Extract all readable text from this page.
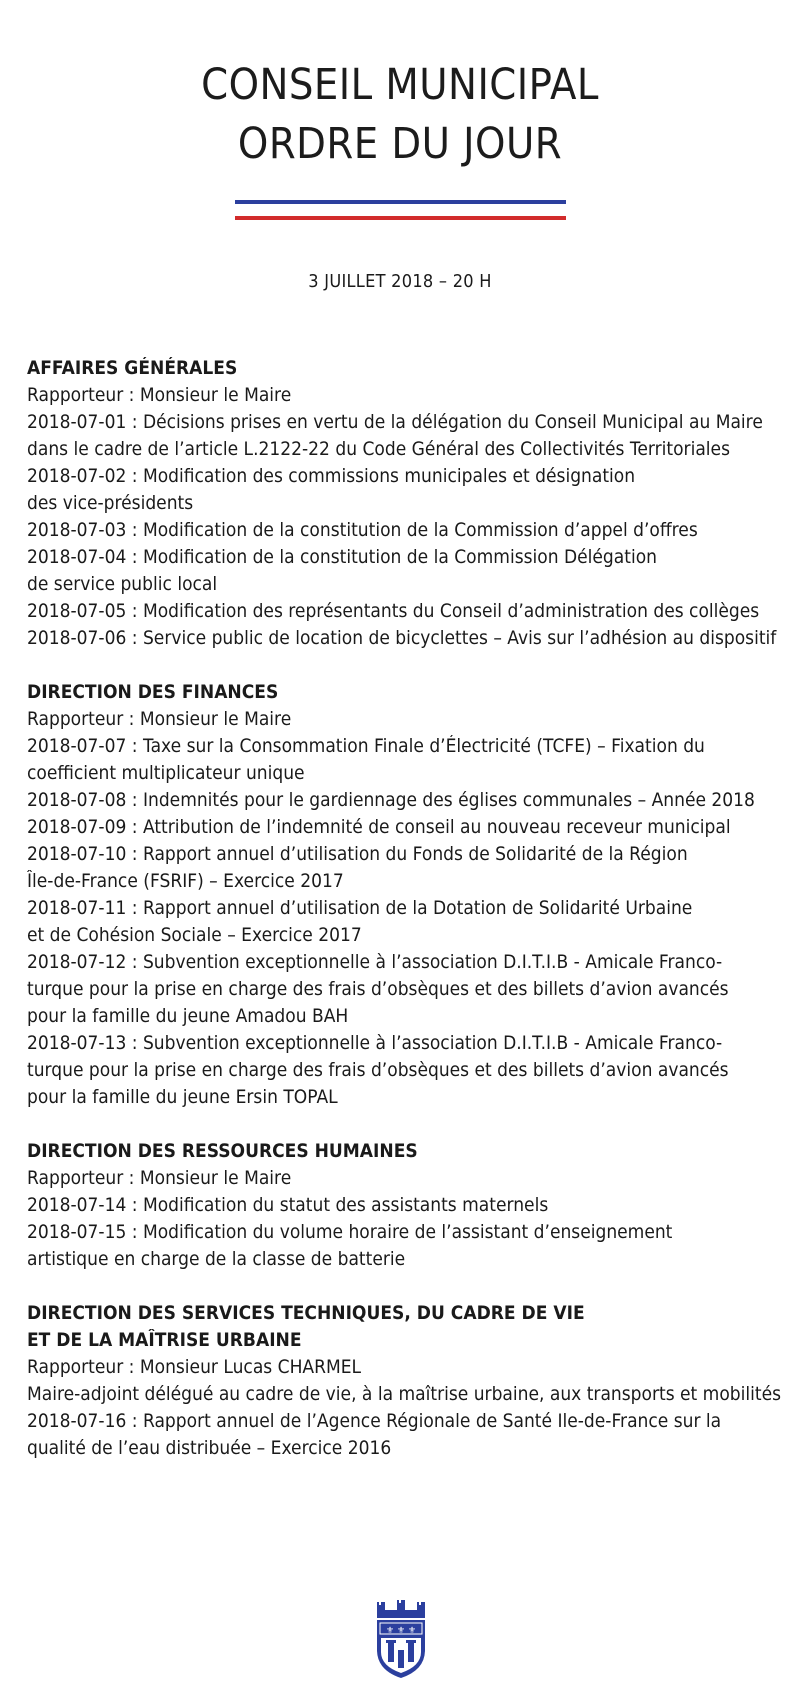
CONSEIL MUNICIPAL
ORDRE DU JOUR
3 JUILLET 2018 – 20 H
AFFAIRES GÉNÉRALES
Rapporteur : Monsieur le Maire
2018-07-01 : Décisions prises en vertu de la délégation du Conseil Municipal au Maire
dans le cadre de l’article L.2122-22 du Code Général des Collectivités Territoriales
2018-07-02 : Modification des commissions municipales et désignation
des vice-présidents
2018-07-03 : Modification de la constitution de la Commission d’appel d’offres
2018-07-04 : Modification de la constitution de la Commission Délégation
de service public local
2018-07-05 : Modification des représentants du Conseil d’administration des collèges
2018-07-06 : Service public de location de bicyclettes – Avis sur l’adhésion au dispositif
DIRECTION DES FINANCES
Rapporteur : Monsieur le Maire
2018-07-07 : Taxe sur la Consommation Finale d’Électricité (TCFE) – Fixation du
coefficient multiplicateur unique
2018-07-08 : Indemnités pour le gardiennage des églises communales – Année 2018
2018-07-09 : Attribution de l’indemnité de conseil au nouveau receveur municipal
2018-07-10 : Rapport annuel d’utilisation du Fonds de Solidarité de la Région
Île-de-France (FSRIF) – Exercice 2017
2018-07-11 : Rapport annuel d’utilisation de la Dotation de Solidarité Urbaine
et de Cohésion Sociale – Exercice 2017
2018-07-12 : Subvention exceptionnelle à l’association D.I.T.I.B - Amicale Franco-
turque pour la prise en charge des frais d’obsèques et des billets d’avion avancés
pour la famille du jeune Amadou BAH
2018-07-13 : Subvention exceptionnelle à l’association D.I.T.I.B - Amicale Franco-
turque pour la prise en charge des frais d’obsèques et des billets d’avion avancés
pour la famille du jeune Ersin TOPAL
DIRECTION DES RESSOURCES HUMAINES
Rapporteur : Monsieur le Maire
2018-07-14 : Modification du statut des assistants maternels
2018-07-15 : Modification du volume horaire de l’assistant d’enseignement
artistique en charge de la classe de batterie
DIRECTION DES SERVICES TECHNIQUES, DU CADRE DE VIE
ET DE LA MAÎTRISE URBAINE
Rapporteur : Monsieur Lucas CHARMEL
Maire-adjoint délégué au cadre de vie, à la maîtrise urbaine, aux transports et mobilités
2018-07-16 : Rapport annuel de l’Agence Régionale de Santé Ile-de-France sur la
qualité de l’eau distribuée – Exercice 2016
⚜ ⚜ ⚜
